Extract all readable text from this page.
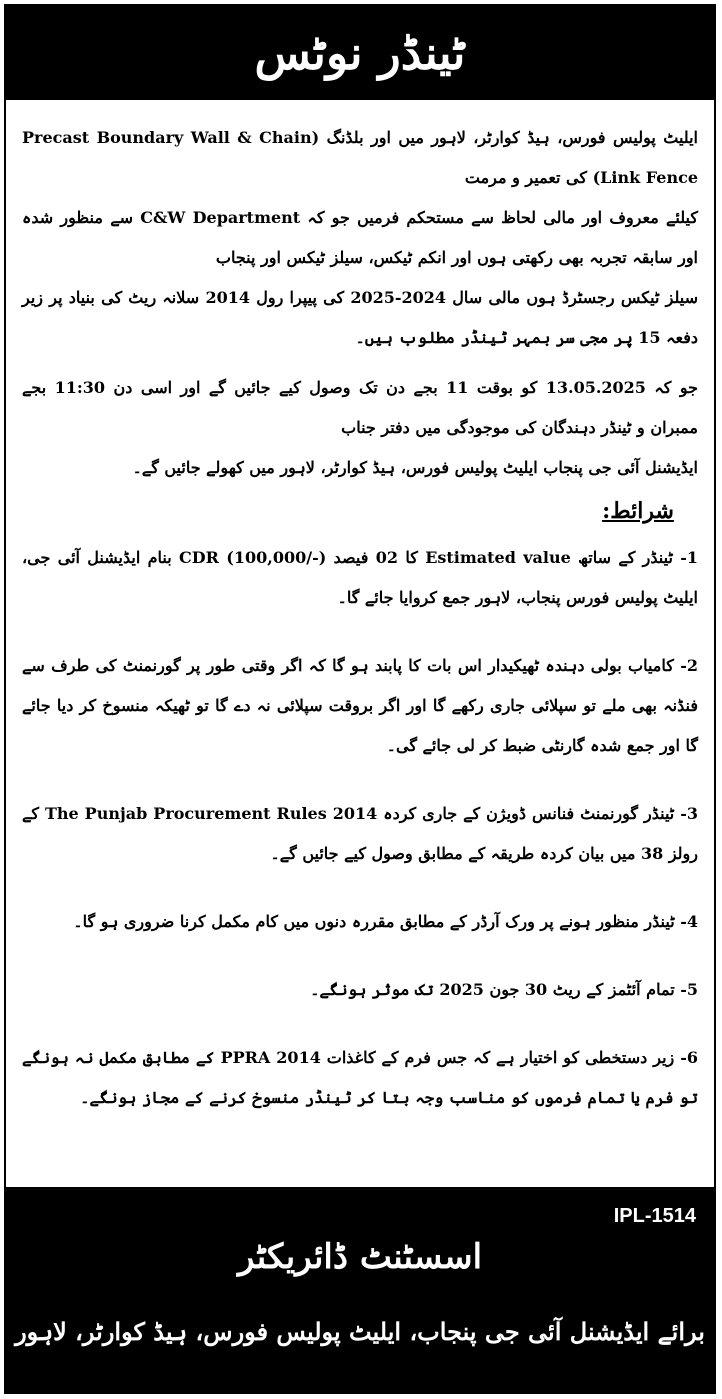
ٹینڈر نوٹس

ایلیٹ پولیس فورس، ہیڈ کوارٹر، لاہور میں اور بلڈنگ (Precast Boundary Wall & Chain Link Fence) کی تعمیر و مرمت

کیلئے معروف اور مالی لحاظ سے مستحکم فرمیں جو کہ C&W Department سے منظور شدہ اور سابقہ تجربہ بھی رکھتی ہوں اور انکم ٹیکس، سیلز ٹیکس اور پنجاب

سیلز ٹیکس رجسٹرڈ ہوں مالی سال 2024-2025 کی پیپرا رول 2014 سلانہ ریٹ کی بنیاد پر زیر دفعہ 15 پر مجی سر بمہر ٹینڈر مطلوب ہیں۔

جو کہ 13.05.2025 کو بوقت 11 بجے دن تک وصول کیے جائیں گے اور اسی دن 11:30 بجے ممبران و ٹینڈر دہندگان کی موجودگی میں دفتر جناب

ایڈیشنل آئی جی پنجاب ایلیٹ پولیس فورس، ہیڈ کوارٹر، لاہور میں کھولے جائیں گے۔

شرائط:
1- ٹینڈر کے ساتھ Estimated value کا 02 فیصد (-/100,000) CDR بنام ایڈیشنل آئی جی، ایلیٹ پولیس فورس پنجاب، لاہور جمع کروایا جائے گا۔
2- کامیاب بولی دہندہ ٹھیکیدار اس بات کا پابند ہو گا کہ اگر وقتی طور پر گورنمنٹ کی طرف سے فنڈنہ بھی ملے تو سپلائی جاری رکھے گا اور اگر بروقت سپلائی نہ دے گا تو ٹھیکہ منسوخ کر دیا جائے گا اور جمع شدہ گارنٹی ضبط کر لی جائے گی۔
3- ٹینڈر گورنمنٹ فنانس ڈویژن کے جاری کردہ The Punjab Procurement Rules 2014 کے رولز 38 میں بیان کردہ طریقہ کے مطابق وصول کیے جائیں گے۔
4- ٹینڈر منظور ہونے پر ورک آرڈر کے مطابق مقررہ دنوں میں کام مکمل کرنا ضروری ہو گا۔
5- تمام آئٹمز کے ریٹ 30 جون 2025 تک موثر ہونگے۔
6- زیر دستخطی کو اختیار ہے کہ جس فرم کے کاغذات PPRA 2014 کے مطابق مکمل نہ ہونگے تو فرم یا تمام فرموں کو مناسب وجہ بتا کر ٹینڈر منسوخ کرنے کے مجاز ہونگے۔
IPL-1514
اسسٹنٹ ڈائریکٹر
برائے ایڈیشنل آئی جی پنجاب، ایلیٹ پولیس فورس، ہیڈ کوارٹر، لاہور
